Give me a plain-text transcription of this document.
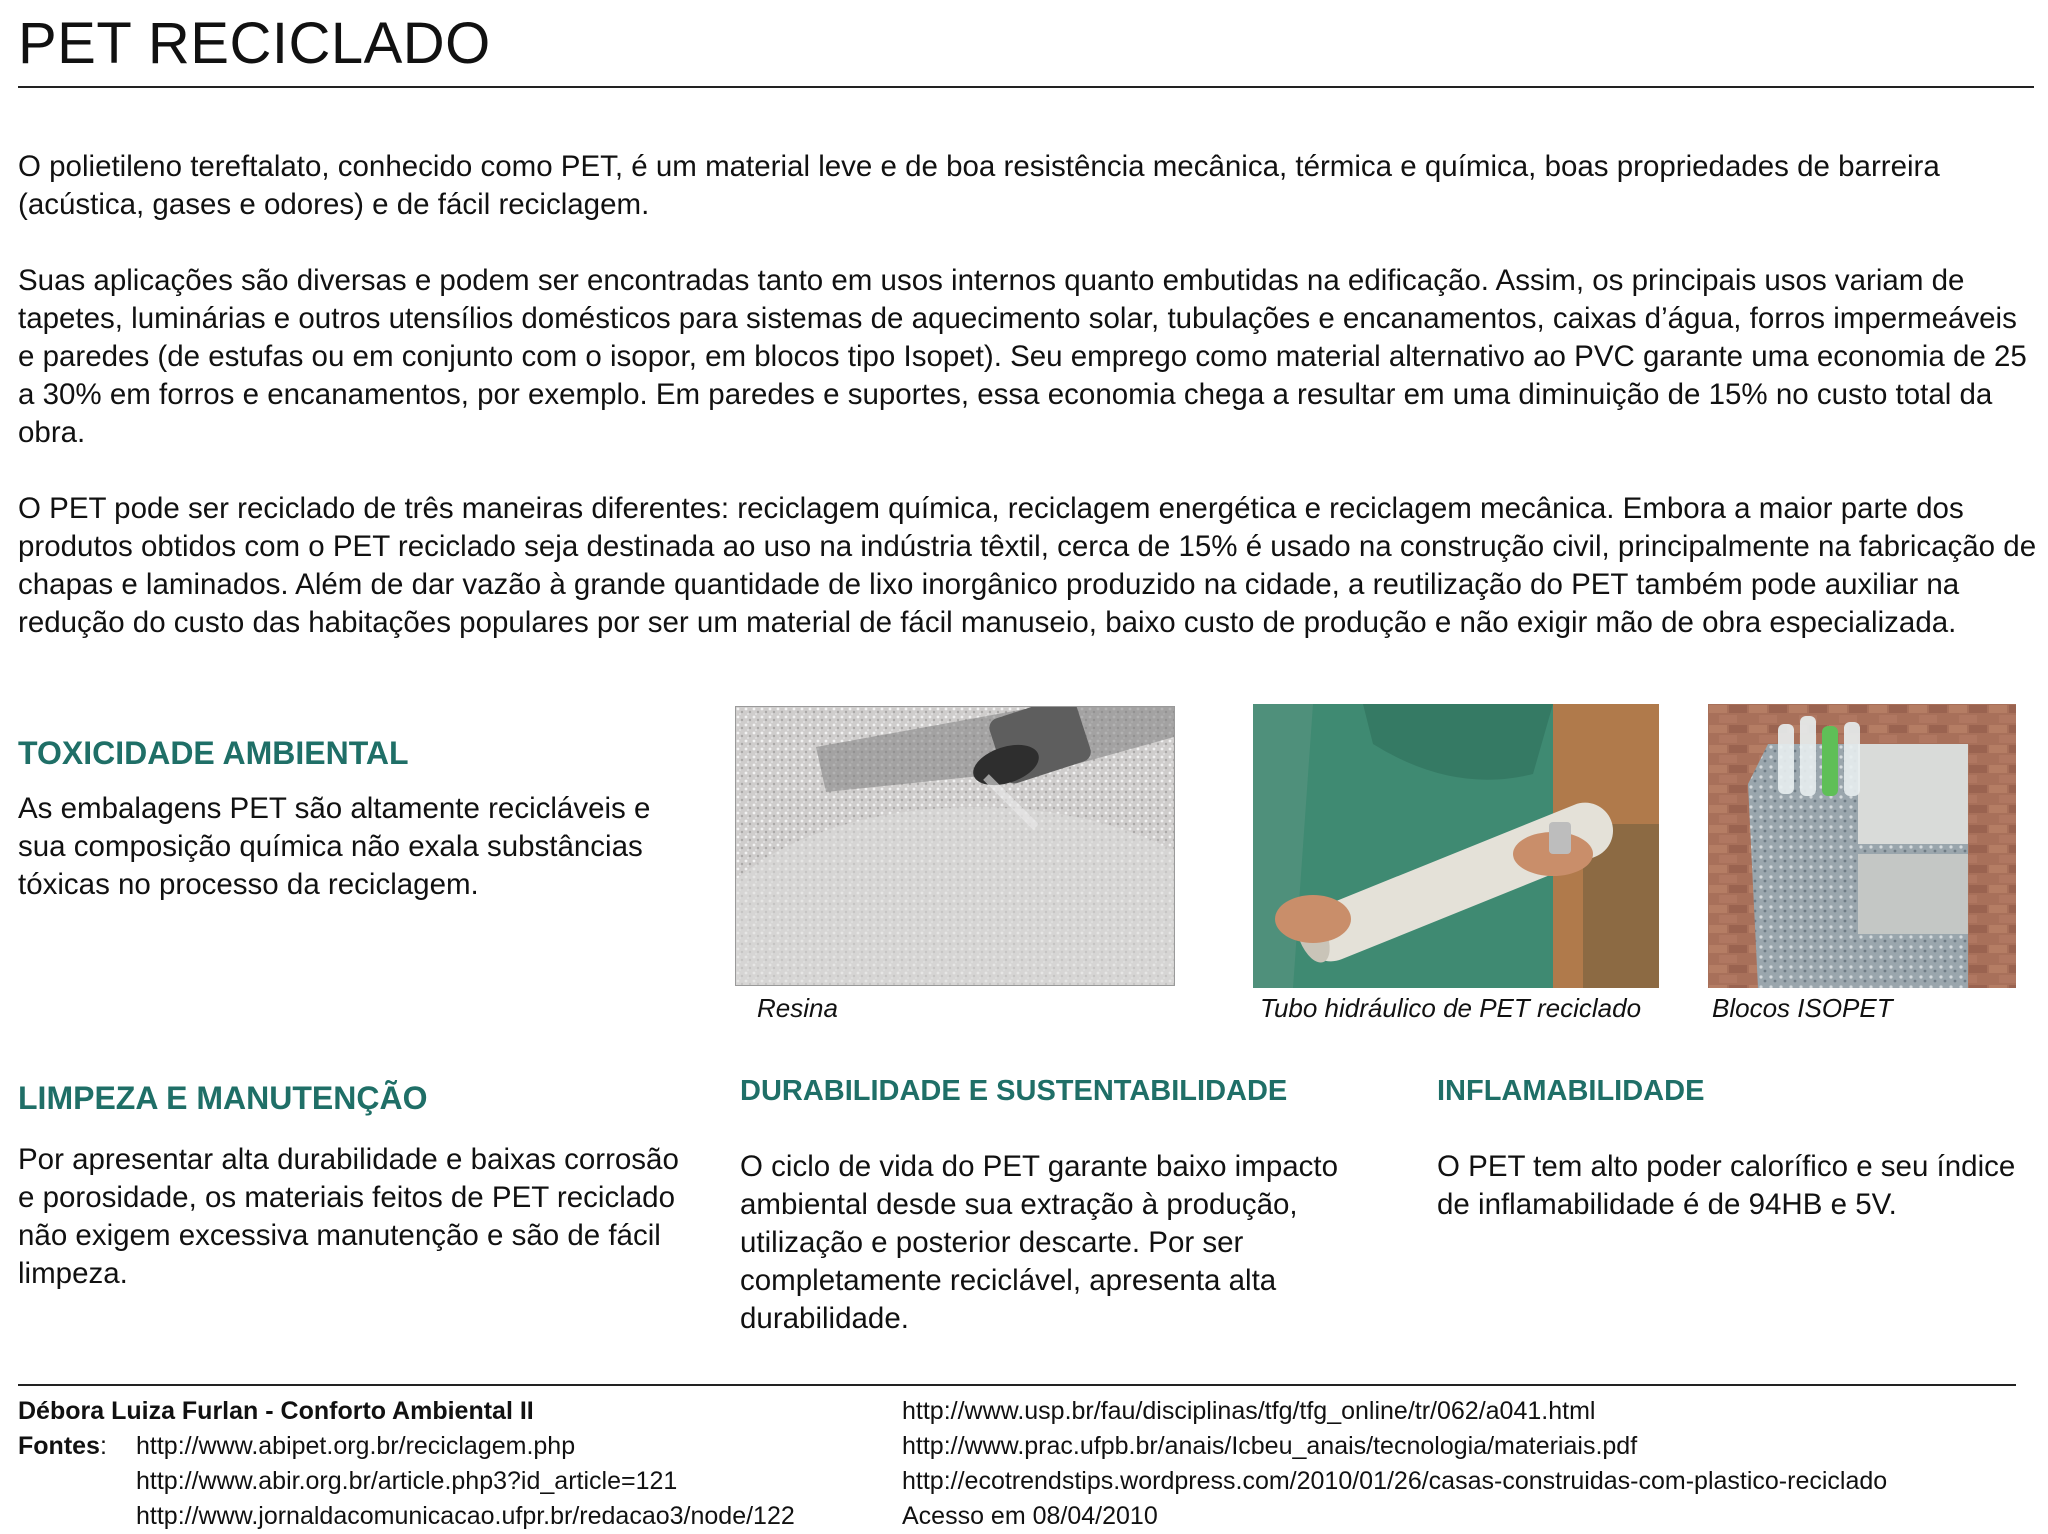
PET RECICLADO
O polietileno tereftalato, conhecido como PET, é um material leve e de boa resistência mecânica, térmica e química, boas propriedades de barreira (acústica, gases e odores) e de fácil reciclagem.
Suas aplicações são diversas e podem ser encontradas tanto em usos internos quanto embutidas na edificação. Assim, os principais usos variam de tapetes, luminárias e outros utensílios domésticos para sistemas de aquecimento solar, tubulações e encanamentos, caixas d’água, forros impermeáveis e paredes (de estufas ou em conjunto com o isopor, em blocos tipo Isopet). Seu emprego como material alternativo ao PVC garante uma economia de 25 a 30% em forros e encanamentos, por exemplo. Em paredes e suportes, essa economia chega a resultar em uma diminuição de 15% no custo total da obra.
O PET pode ser reciclado de três maneiras diferentes: reciclagem química, reciclagem energética e reciclagem mecânica. Embora a maior parte dos produtos obtidos com o PET reciclado seja destinada ao uso na indústria têxtil, cerca de 15% é usado na construção civil, principalmente na fabricação de chapas e laminados. Além de dar vazão à grande quantidade de lixo inorgânico produzido na cidade, a reutilização do PET também pode auxiliar na redução do custo das habitações populares por ser um material de fácil manuseio, baixo custo de produção e não exigir mão de obra especializada.
TOXICIDADE AMBIENTAL
As embalagens PET são altamente recicláveis e sua composição química não exala substâncias tóxicas no processo da reciclagem.
Resina	Tubo hidráulico de PET reciclado	Blocos ISOPET
LIMPEZA E MANUTENÇÃO
Por apresentar alta durabilidade e baixas corrosão e porosidade, os materiais feitos de PET reciclado não exigem excessiva manutenção e são de fácil limpeza.
DURABILIDADE E SUSTENTABILIDADE
O ciclo de vida do PET garante baixo impacto ambiental desde sua extração à produção, utilização e posterior descarte. Por ser completamente reciclável, apresenta alta durabilidade.
INFLAMABILIDADE
O PET tem alto poder calorífico e seu índice de inflamabilidade é de 94HB e 5V.
Débora Luiza Furlan - Conforto Ambiental II
Fontes: http://www.abipet.org.br/reciclagem.php
http://www.abir.org.br/article.php3?id_article=121
http://www.jornaldacomunicacao.ufpr.br/redacao3/node/122
http://www.usp.br/fau/disciplinas/tfg/tfg_online/tr/062/a041.html
http://www.prac.ufpb.br/anais/Icbeu_anais/tecnologia/materiais.pdf
http://ecotrendstips.wordpress.com/2010/01/26/casas-construidas-com-plastico-reciclado
Acesso em 08/04/2010
